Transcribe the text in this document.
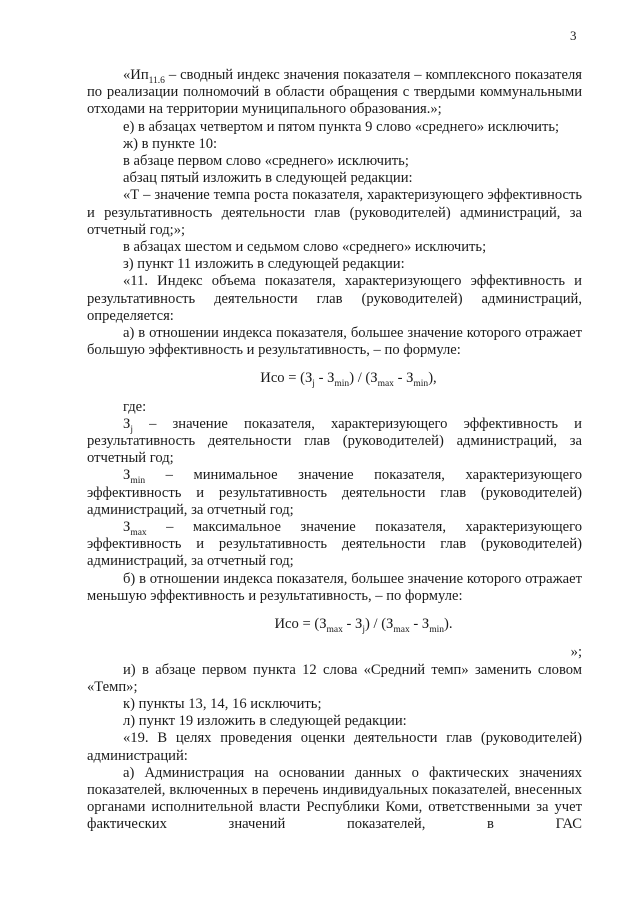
3

«$Ип_{11.6}$ – сводный индекс значения показателя – комплексного показателя по реализации полномочий в области обращения с твердыми коммунальными отходами на территории муниципального образования.»;

е) в абзацах четвертом и пятом пункта 9 слово «среднего» исключить;

ж) в пункте 10:

в абзаце первом слово «среднего» исключить;

абзац пятый изложить в следующей редакции:

«Т – значение темпа роста показателя, характеризующего эффективность и результативность деятельности глав (руководителей) администраций, за отчетный год;»;

в абзацах шестом и седьмом слово «среднего» исключить;

з) пункт 11 изложить в следующей редакции:

«11. Индекс объема показателя, характеризующего эффективность и результативность деятельности глав (руководителей) администраций, определяется:

а) в отношении индекса показателя, большее значение которого отражает большую эффективность и результативность, – по формуле:

Исо = $(З_j - З_{min}) / (З_{max} - З_{min})$,

где:

$З_j$ – значение показателя, характеризующего эффективность и результативность деятельности глав (руководителей) администраций, за отчетный год;

$З_{min}$ – минимальное значение показателя, характеризующего эффективность и результативность деятельности глав (руководителей) администраций, за отчетный год;

$З_{max}$ – максимальное значение показателя, характеризующего эффективность и результативность деятельности глав (руководителей) администраций, за отчетный год;

б) в отношении индекса показателя, большее значение которого отражает меньшую эффективность и результативность, – по формуле:

Исо = $(З_{max} - З_j) / (З_{max} - З_{min})$.

»;

и) в абзаце первом пункта 12 слова «Средний темп» заменить словом «Темп»;

к) пункты 13, 14, 16 исключить;

л) пункт 19 изложить в следующей редакции:

«19. В целях проведения оценки деятельности глав (руководителей) администраций:

а) Администрация на основании данных о фактических значениях показателей, включенных в перечень индивидуальных показателей, внесенных органами исполнительной власти Республики Коми, ответственными за учет фактических значений показателей, в ГАС
